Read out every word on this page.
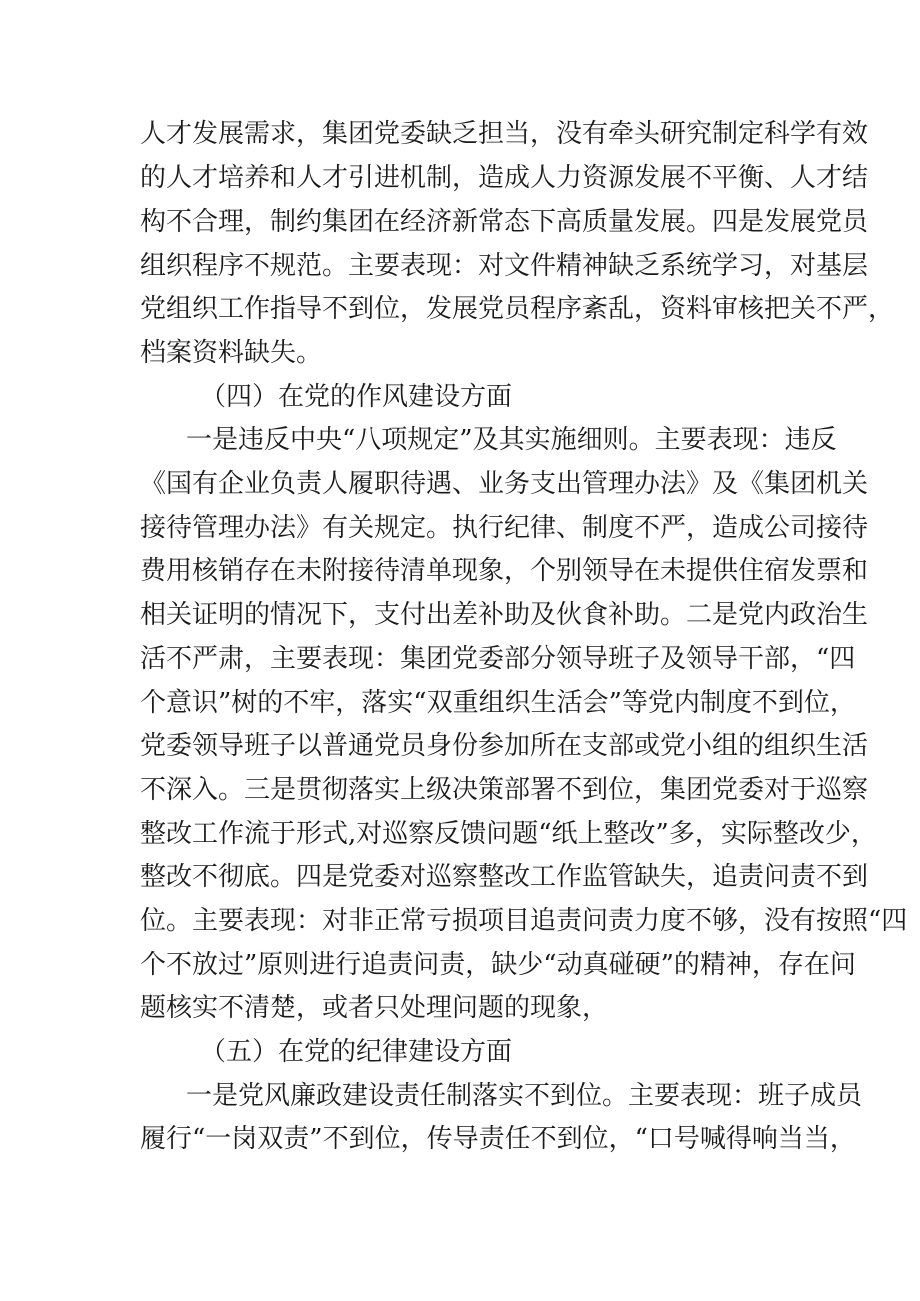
人才发展需求，集团党委缺乏担当，没有牵头研究制定科学有效
的人才培养和人才引进机制，造成人力资源发展不平衡、人才结
构不合理，制约集团在经济新常态下高质量发展。四是发展党员
组织程序不规范。主要表现：对文件精神缺乏系统学习，对基层
党组织工作指导不到位，发展党员程序紊乱，资料审核把关不严，
档案资料缺失。
（四）在党的作风建设方面
一是违反中央“八项规定”及其实施细则。主要表现：违反
《国有企业负责人履职待遇、业务支出管理办法》及《集团机关
接待管理办法》有关规定。执行纪律、制度不严，造成公司接待
费用核销存在未附接待清单现象，个别领导在未提供住宿发票和
相关证明的情况下，支付出差补助及伙食补助。二是党内政治生
活不严肃，主要表现：集团党委部分领导班子及领导干部，“四
个意识”树的不牢，落实“双重组织生活会”等党内制度不到位，
党委领导班子以普通党员身份参加所在支部或党小组的组织生活
不深入。三是贯彻落实上级决策部署不到位，集团党委对于巡察
整改工作流于形式,对巡察反馈问题“纸上整改”多，实际整改少，
整改不彻底。四是党委对巡察整改工作监管缺失，追责问责不到
位。主要表现：对非正常亏损项目追责问责力度不够，没有按照“四
个不放过”原则进行追责问责，缺少“动真碰硬”的精神，存在问
题核实不清楚，或者只处理问题的现象，
（五）在党的纪律建设方面
一是党风廉政建设责任制落实不到位。主要表现：班子成员
履行“一岗双责”不到位，传导责任不到位，“口号喊得响当当，
